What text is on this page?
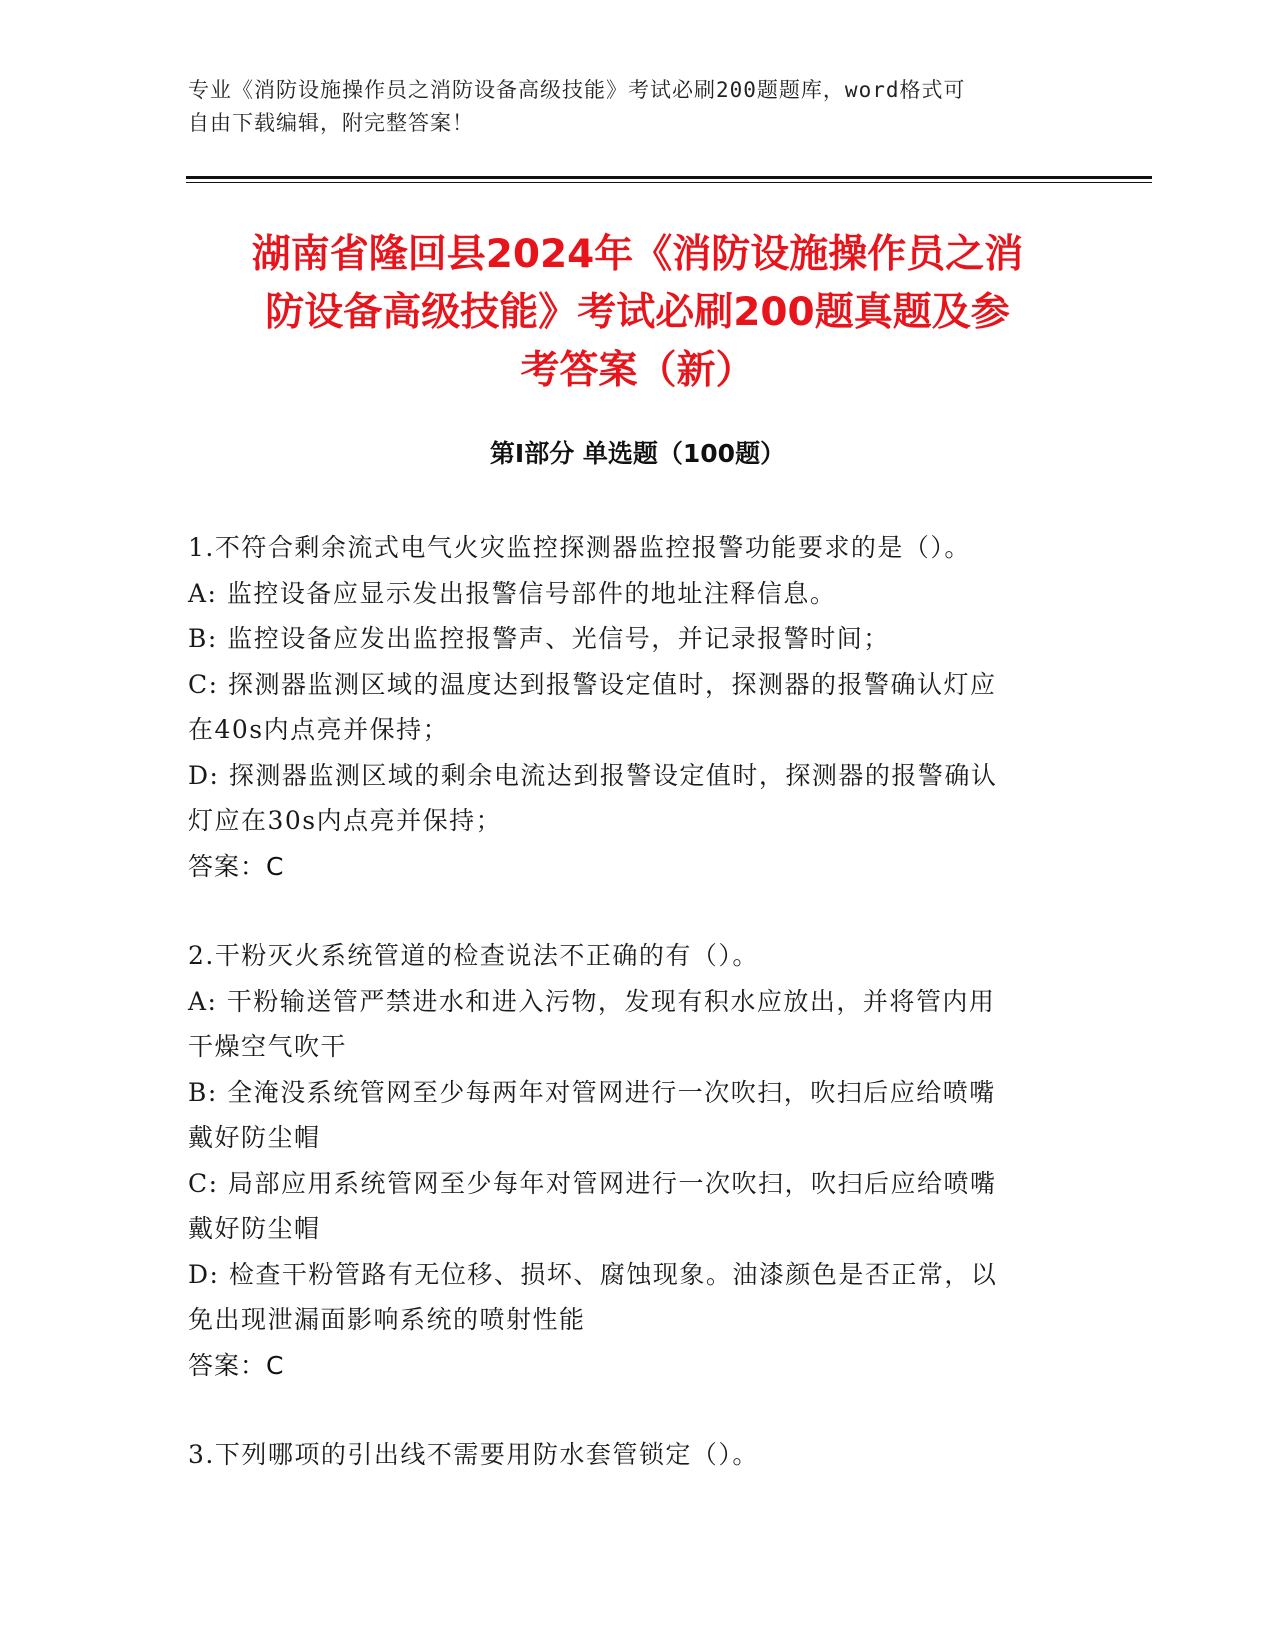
专业《消防设施操作员之消防设备高级技能》考试必刷200题题库，word格式可
自由下载编辑，附完整答案！
湖南省隆回县2024年《消防设施操作员之消
防设备高级技能》考试必刷200题真题及参
考答案（新）
第Ⅰ部分 单选题（100题）
1.不符合剩余流式电气火灾监控探测器监控报警功能要求的是（）。
A: 监控设备应显示发出报警信号部件的地址注释信息。
B: 监控设备应发出监控报警声、光信号，并记录报警时间；
C: 探测器监测区域的温度达到报警设定值时，探测器的报警确认灯应
在40s内点亮并保持；
D: 探测器监测区域的剩余电流达到报警设定值时，探测器的报警确认
灯应在30s内点亮并保持；
答案：C
2.干粉灭火系统管道的检查说法不正确的有（）。
A: 干粉输送管严禁进水和进入污物，发现有积水应放出，并将管内用
干燥空气吹干
B: 全淹没系统管网至少每两年对管网进行一次吹扫，吹扫后应给喷嘴
戴好防尘帽
C: 局部应用系统管网至少每年对管网进行一次吹扫，吹扫后应给喷嘴
戴好防尘帽
D: 检查干粉管路有无位移、损坏、腐蚀现象。油漆颜色是否正常，以
免出现泄漏面影响系统的喷射性能
答案：C
3.下列哪项的引出线不需要用防水套管锁定（）。
